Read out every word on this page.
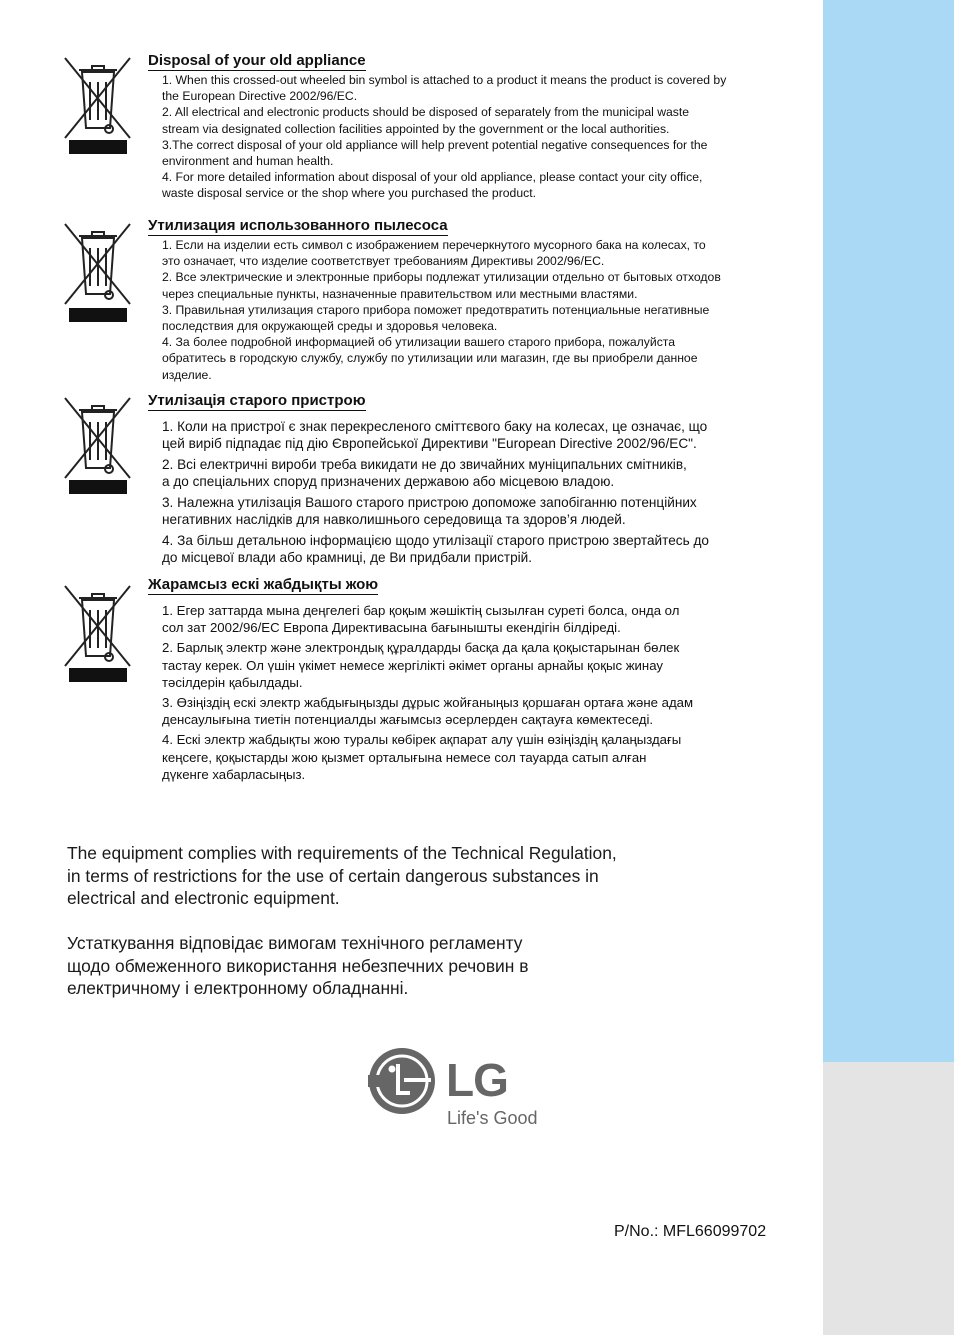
Disposal of your old appliance
1. When this crossed-out wheeled bin symbol is attached to a product it means the product is covered by
the European Directive 2002/96/EC.
2. All electrical and electronic products should be disposed of separately from the municipal waste
stream via designated collection facilities appointed by the government or the local authorities.
3.The correct disposal of your old appliance will help prevent potential negative consequences for the
environment and human health.
4. For more detailed information about disposal of your old appliance, please contact your city office,
waste disposal service or the shop where you purchased the product.
Утилизация использованного пылесоса
1. Если на изделии есть символ с изображением перечеркнутого мусорного бака на колесах, то
это означает, что изделие соответствует требованиям Директивы 2002/96/EC.
2. Все электрические и электронные приборы подлежат утилизации отдельно от бытовых отходов
через специальные пункты, назначенные правительством или местными властями.
3. Правильная утилизация старого прибора поможет предотвратить потенциальные негативные
последствия для окружающей среды и здоровья человека.
4. За более подробной информацией об утилизации вашего старого прибора, пожалуйста
обратитесь в городскую службу, службу по утилизации или магазин, где вы приобрели данное
изделие.
Утилізація старого пристрою
1. Коли на пристрої є знак перекресленого сміттєвого баку на колесах, це означає, що
цей виріб підпадає під дію Європейської Директиви "European Directive 2002/96/EC".
2. Всі електричні вироби треба викидати не до звичайних муніципальних смітників,
а до спеціальних споруд призначених державою або місцевою владою.
3. Належна утилізація Вашого старого пристрою допоможе запобіганню потенційних
негативних наслідків для навколишнього середовища та здоров’я людей.
4. За більш детальною інформацією щодо утилізації старого пристрою звертайтесь до
до місцевої влади або крамниці, де Ви придбали пристрій.
Жарамсыз ескі жабдықты жою
1. Егер заттарда мына деңгелегі бар қоқым жәшіктің сызылған суреті болса, онда ол
сол зат 2002/96/EC Европа Директивасына бағынышты екендігін білдіреді.
2. Барлық электр және электрондық құралдарды басқа да қала қоқыстарынан бөлек
тастау керек. Ол үшін үкімет немесе жергілікті әкімет органы арнайы қоқыс жинау
тәсілдерін қабылдады.
3. Өзіңіздің ескі электр жабдығыңызды дұрыс жойғаныңыз қоршаған ортаға және адам
денсаулығына тиетін потенциалды жағымсыз әсерлерден сақтауға көмектеседі.
4. Ескі электр жабдықты жою туралы көбірек ақпарат алу үшін өзіңіздің қалаңыздағы
кеңсеге, қоқыстарды жою қызмет орталығына немесе сол тауарда сатып алған
дүкенге хабарласыңыз.
The equipment complies with requirements of the Technical Regulation,
in terms of restrictions for the use of certain dangerous substances in
electrical and electronic equipment.
Устаткування відповідає вимогам технічного регламенту
щодо обмеженного використання небезпечних речовин в
електричному і електронному обладнанні.
LG
Life's Good
P/No.: MFL66099702
